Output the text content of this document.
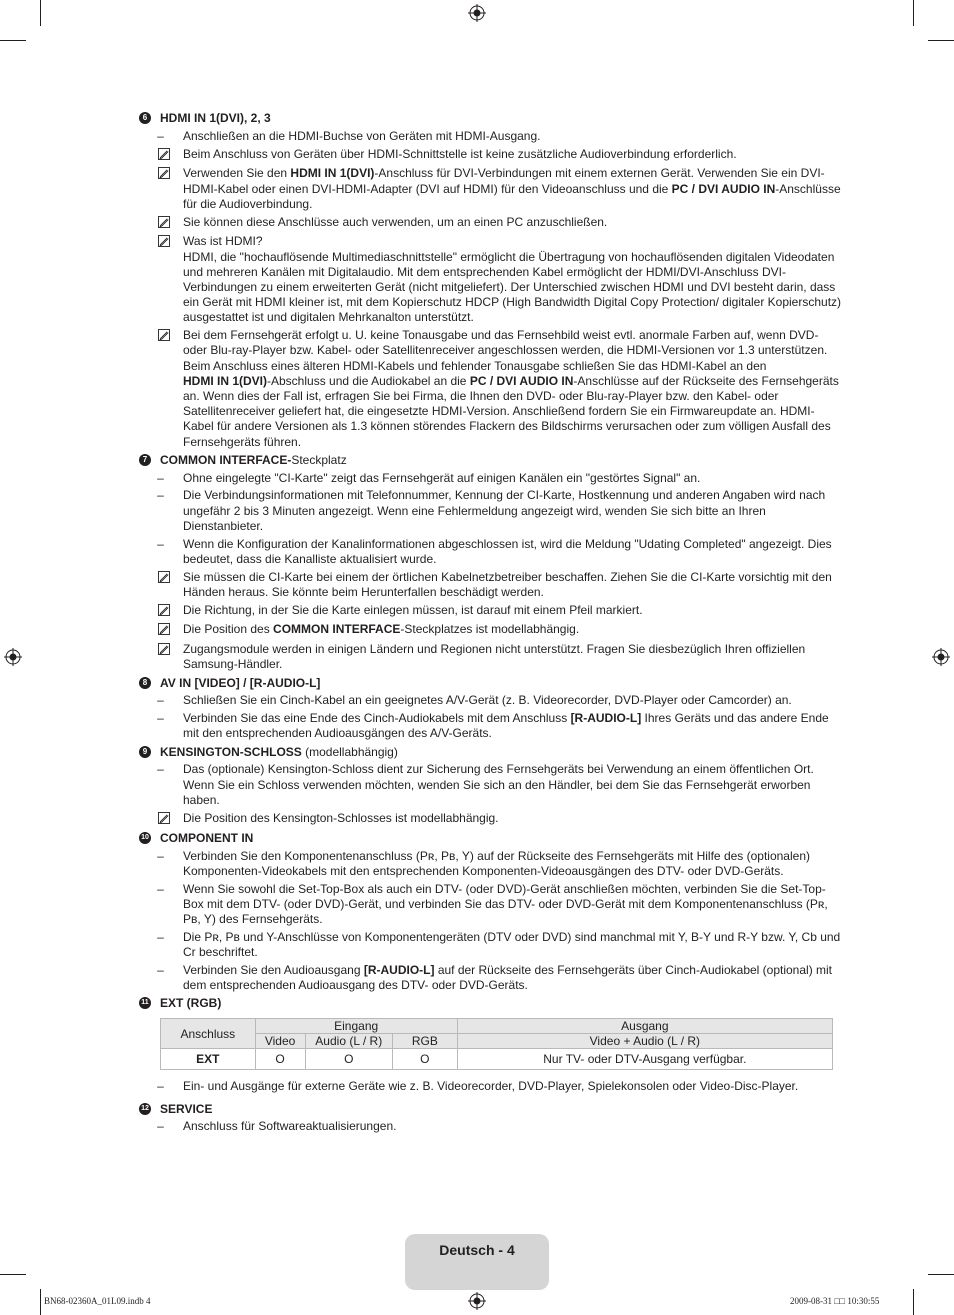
6	HDMI IN 1(DVI), 2, 3
–	Anschließen an die HDMI-Buchse von Geräten mit HDMI-Ausgang.
Beim Anschluss von Geräten über HDMI-Schnittstelle ist keine zusätzliche Audioverbindung erforderlich.
Verwenden Sie den HDMI IN 1(DVI)-Anschluss für DVI-Verbindungen mit einem externen Gerät. Verwenden Sie ein DVI-HDMI-Kabel oder einen DVI-HDMI-Adapter (DVI auf HDMI) für den Videoanschluss und die PC / DVI AUDIO IN-Anschlüsse für die Audioverbindung.
Sie können diese Anschlüsse auch verwenden, um an einen PC anzuschließen.
Was ist HDMI?
HDMI, die "hochauflösende Multimediaschnittstelle" ermöglicht die Übertragung von hochauflösenden digitalen Videodaten und mehreren Kanälen mit Digitalaudio. Mit dem entsprechenden Kabel ermöglicht der HDMI/DVI-Anschluss DVI-Verbindungen zu einem erweiterten Gerät (nicht mitgeliefert). Der Unterschied zwischen HDMI und DVI besteht darin, dass ein Gerät mit HDMI kleiner ist, mit dem Kopierschutz HDCP (High Bandwidth Digital Copy Protection/ digitaler Kopierschutz) ausgestattet ist und digitalen Mehrkanalton unterstützt.
Bei dem Fernsehgerät erfolgt u. U. keine Tonausgabe und das Fernsehbild weist evtl. anormale Farben auf, wenn DVD- oder Blu-ray-Player bzw. Kabel- oder Satellitenreceiver angeschlossen werden, die HDMI-Versionen vor 1.3 unterstützen. Beim Anschluss eines älteren HDMI-Kabels und fehlender Tonausgabe schließen Sie das HDMI-Kabel an den
HDMI IN 1(DVI)-Abschluss und die Audiokabel an die PC / DVI AUDIO IN-Anschlüsse auf der Rückseite des Fernsehgeräts an. Wenn dies der Fall ist, erfragen Sie bei Firma, die Ihnen den DVD- oder Blu-ray-Player bzw. den Kabel- oder Satellitenreceiver geliefert hat, die eingesetzte HDMI-Version. Anschließend fordern Sie ein Firmwareupdate an. HDMI-Kabel für andere Versionen als 1.3 können störendes Flackern des Bildschirms verursachen oder zum völligen Ausfall des Fernsehgeräts führen.
7	COMMON INTERFACE-Steckplatz
–	Ohne eingelegte "CI-Karte" zeigt das Fernsehgerät auf einigen Kanälen ein "gestörtes Signal" an.
–	Die Verbindungsinformationen mit Telefonnummer, Kennung der CI-Karte, Hostkennung und anderen Angaben wird nach ungefähr 2 bis 3 Minuten angezeigt. Wenn eine Fehlermeldung angezeigt wird, wenden Sie sich bitte an Ihren Dienstanbieter.
–	Wenn die Konfiguration der Kanalinformationen abgeschlossen ist, wird die Meldung "Udating Completed" angezeigt. Dies bedeutet, dass die Kanalliste aktualisiert wurde.
Sie müssen die CI-Karte bei einem der örtlichen Kabelnetzbetreiber beschaffen. Ziehen Sie die CI-Karte vorsichtig mit den Händen heraus. Sie könnte beim Herunterfallen beschädigt werden.
Die Richtung, in der Sie die Karte einlegen müssen, ist darauf mit einem Pfeil markiert.
Die Position des COMMON INTERFACE-Steckplatzes ist modellabhängig.
Zugangsmodule werden in einigen Ländern und Regionen nicht unterstützt. Fragen Sie diesbezüglich Ihren offiziellen Samsung-Händler.
8	AV IN [VIDEO] / [R-AUDIO-L]
–	Schließen Sie ein Cinch-Kabel an ein geeignetes A/V-Gerät (z. B. Videorecorder, DVD-Player oder Camcorder) an.
–	Verbinden Sie das eine Ende des Cinch-Audiokabels mit dem Anschluss [R-AUDIO-L] Ihres Geräts und das andere Ende mit den entsprechenden Audioausgängen des A/V-Geräts.
9	KENSINGTON-SCHLOSS (modellabhängig)
–	Das (optionale) Kensington-Schloss dient zur Sicherung des Fernsehgeräts bei Verwendung an einem öffentlichen Ort. Wenn Sie ein Schloss verwenden möchten, wenden Sie sich an den Händler, bei dem Sie das Fernsehgerät erworben haben.
Die Position des Kensington-Schlosses ist modellabhängig.
10 COMPONENT IN
–	Verbinden Sie den Komponentenanschluss (Pʀ, Pʙ, Y) auf der Rückseite des Fernsehgeräts mit Hilfe des (optionalen) Komponenten-Videokabels mit den entsprechenden Komponenten-Videoausgängen des DTV- oder DVD-Geräts.
–	Wenn Sie sowohl die Set-Top-Box als auch ein DTV- (oder DVD)-Gerät anschließen möchten, verbinden Sie die Set-Top-Box mit dem DTV- (oder DVD)-Gerät, und verbinden Sie das DTV- oder DVD-Gerät mit dem Komponentenanschluss (Pʀ, Pʙ, Y) des Fernsehgeräts.
–	Die Pʀ, Pʙ und Y-Anschlüsse von Komponentengeräten (DTV oder DVD) sind manchmal mit Y, B-Y und R-Y bzw. Y, Cb und Cr beschriftet.
–	Verbinden Sie den Audioausgang [R-AUDIO-L] auf der Rückseite des Fernsehgeräts über Cinch-Audiokabel (optional) mit dem entsprechenden Audioausgang des DTV- oder DVD-Geräts.
11 EXT (RGB)
Anschluss	Eingang			Ausgang
	Video	Audio (L / R)	RGB	Video + Audio (L / R)
EXT	O	O	O	Nur TV- oder DTV-Ausgang verfügbar.
–	Ein- und Ausgänge für externe Geräte wie z. B. Videorecorder, DVD-Player, Spielekonsolen oder Video-Disc-Player.
12 SERVICE
–	Anschluss für Softwareaktualisierungen.
Deutsch - 4
BN68-02360A_01L09.indb 4	2009-08-31 □□ 10:30:55
